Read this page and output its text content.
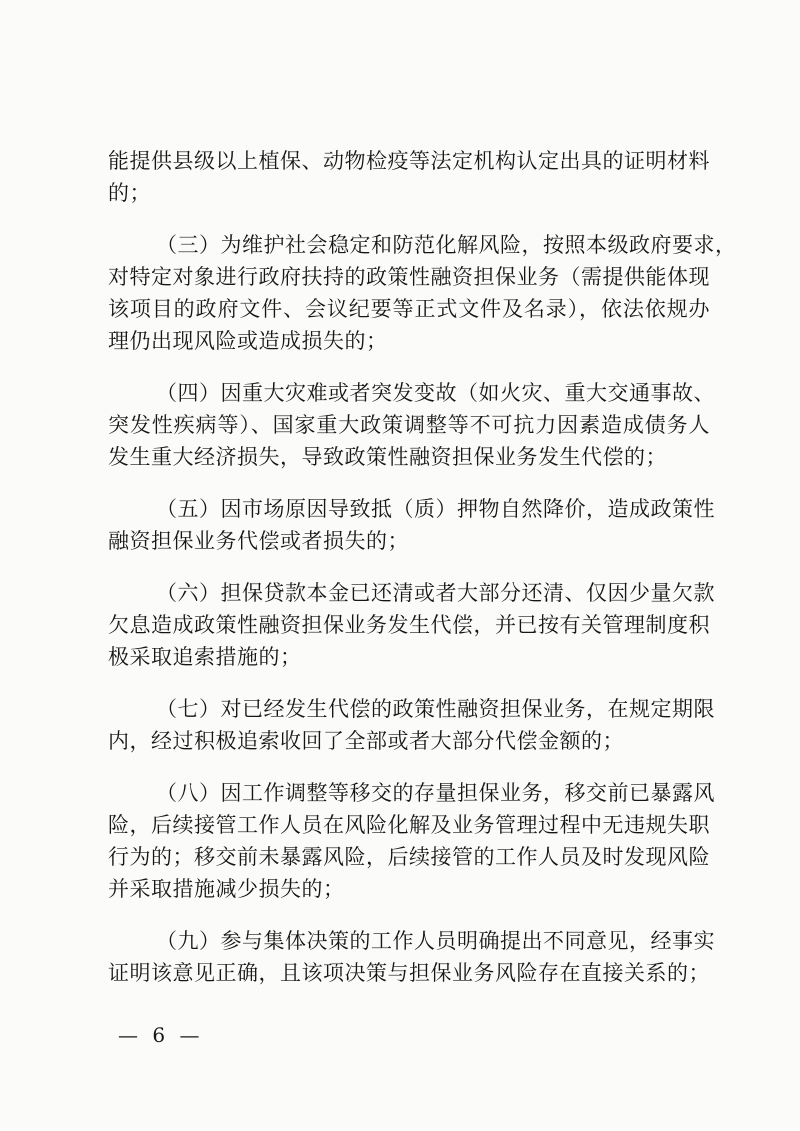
能提供县级以上植保、动物检疫等法定机构认定出具的证明材料
的；
（三）为维护社会稳定和防范化解风险，按照本级政府要求，
对特定对象进行政府扶持的政策性融资担保业务（需提供能体现
该项目的政府文件、会议纪要等正式文件及名录），依法依规办
理仍出现风险或造成损失的；
（四）因重大灾难或者突发变故（如火灾、重大交通事故、
突发性疾病等）、国家重大政策调整等不可抗力因素造成债务人
发生重大经济损失，导致政策性融资担保业务发生代偿的；
（五）因市场原因导致抵（质）押物自然降价，造成政策性
融资担保业务代偿或者损失的；
（六）担保贷款本金已还清或者大部分还清、仅因少量欠款
欠息造成政策性融资担保业务发生代偿，并已按有关管理制度积
极采取追索措施的；
（七）对已经发生代偿的政策性融资担保业务，在规定期限
内，经过积极追索收回了全部或者大部分代偿金额的；
（八）因工作调整等移交的存量担保业务，移交前已暴露风
险，后续接管工作人员在风险化解及业务管理过程中无违规失职
行为的；移交前未暴露风险，后续接管的工作人员及时发现风险
并采取措施减少损失的；
（九）参与集体决策的工作人员明确提出不同意见，经事实
证明该意见正确，且该项决策与担保业务风险存在直接关系的；
— 6 —
